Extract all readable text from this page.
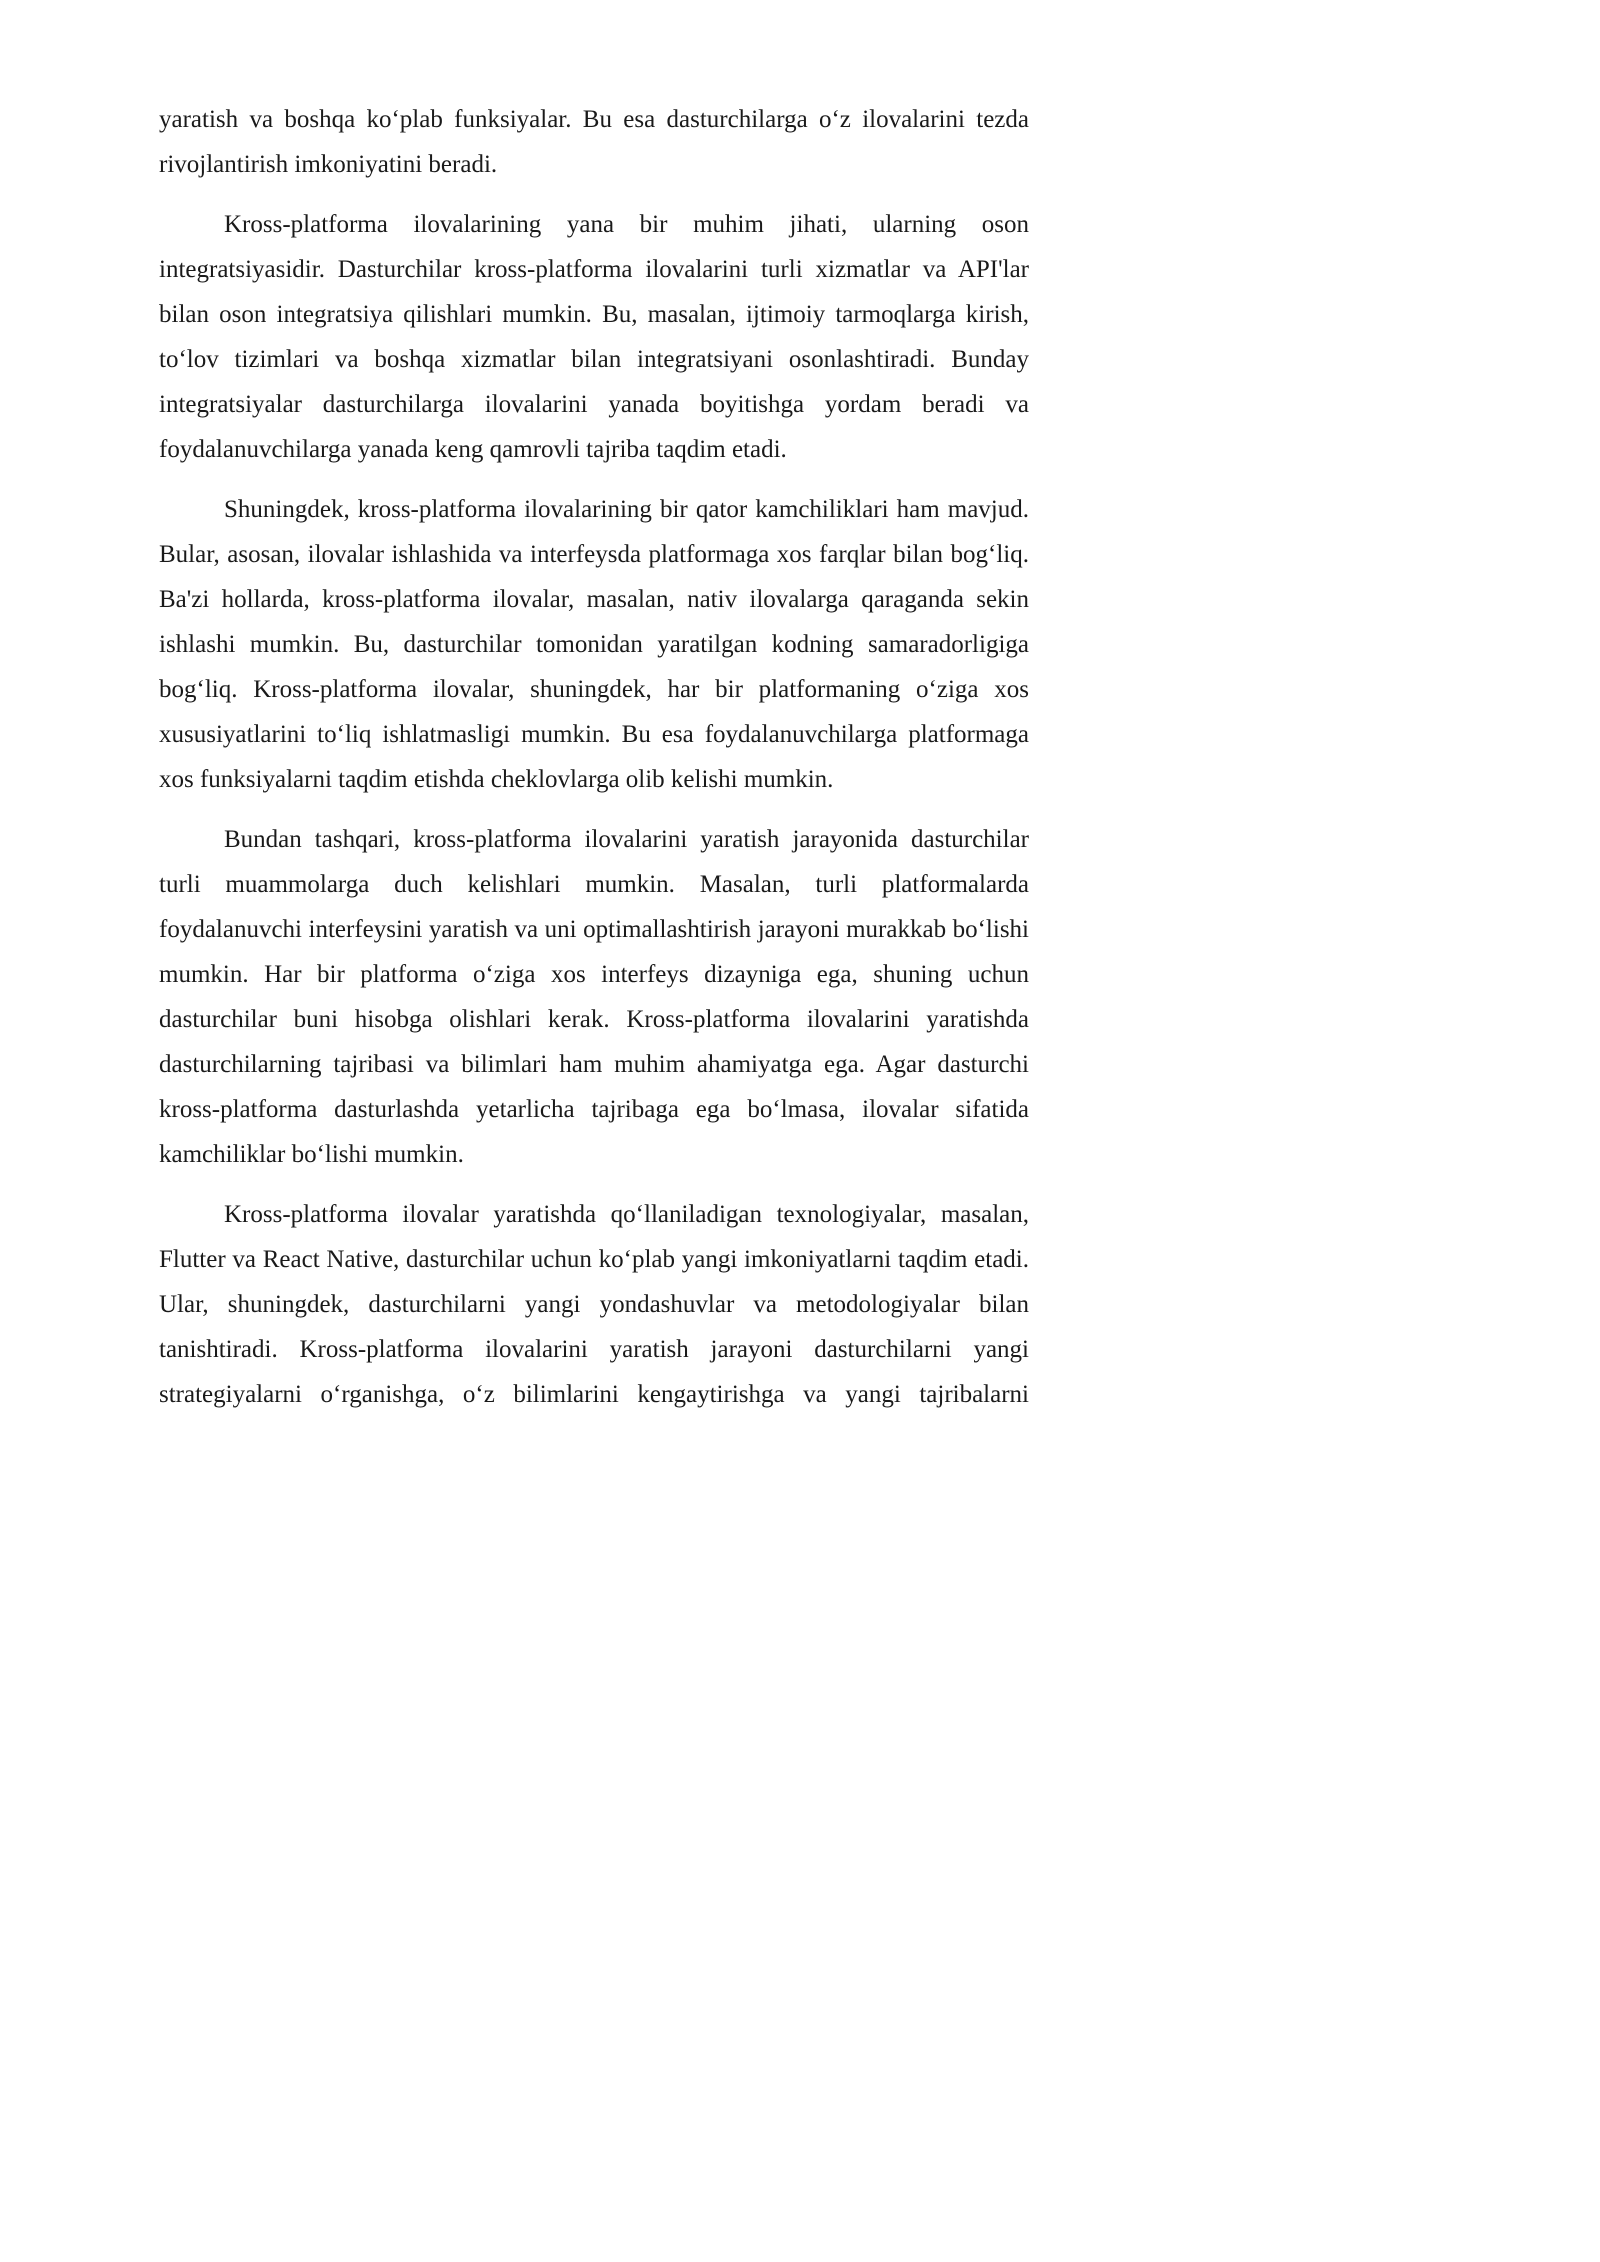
yaratish va boshqa ko‘plab funksiyalar. Bu esa dasturchilarga o‘z ilovalarini tezda rivojlantirish imkoniyatini beradi.

Kross-platforma ilovalarining yana bir muhim jihati, ularning oson integratsiyasidir. Dasturchilar kross-platforma ilovalarini turli xizmatlar va API'lar bilan oson integratsiya qilishlari mumkin. Bu, masalan, ijtimoiy tarmoqlarga kirish, to‘lov tizimlari va boshqa xizmatlar bilan integratsiyani osonlashtiradi. Bunday integratsiyalar dasturchilarga ilovalarini yanada boyitishga yordam beradi va foydalanuvchilarga yanada keng qamrovli tajriba taqdim etadi.

Shuningdek, kross-platforma ilovalarining bir qator kamchiliklari ham mavjud. Bular, asosan, ilovalar ishlashida va interfeysda platformaga xos farqlar bilan bog‘liq. Ba'zi hollarda, kross-platforma ilovalar, masalan, nativ ilovalarga qaraganda sekin ishlashi mumkin. Bu, dasturchilar tomonidan yaratilgan kodning samaradorligiga bog‘liq. Kross-platforma ilovalar, shuningdek, har bir platformaning o‘ziga xos xususiyatlarini to‘liq ishlatmasligi mumkin. Bu esa foydalanuvchilarga platformaga xos funksiyalarni taqdim etishda cheklovlarga olib kelishi mumkin.

Bundan tashqari, kross-platforma ilovalarini yaratish jarayonida dasturchilar turli muammolarga duch kelishlari mumkin. Masalan, turli platformalarda foydalanuvchi interfeysini yaratish va uni optimallashtirish jarayoni murakkab bo‘lishi mumkin. Har bir platforma o‘ziga xos interfeys dizayniga ega, shuning uchun dasturchilar buni hisobga olishlari kerak. Kross-platforma ilovalarini yaratishda dasturchilarning tajribasi va bilimlari ham muhim ahamiyatga ega. Agar dasturchi kross-platforma dasturlashda yetarlicha tajribaga ega bo‘lmasa, ilovalar sifatida kamchiliklar bo‘lishi mumkin.

Kross-platforma ilovalar yaratishda qo‘llaniladigan texnologiyalar, masalan, Flutter va React Native, dasturchilar uchun ko‘plab yangi imkoniyatlarni taqdim etadi. Ular, shuningdek, dasturchilarni yangi yondashuvlar va metodologiyalar bilan tanishtiradi. Kross-platforma ilovalarini yaratish jarayoni dasturchilarni yangi strategiyalarni o‘rganishga, o‘z bilimlarini kengaytirishga va yangi tajribalarni
